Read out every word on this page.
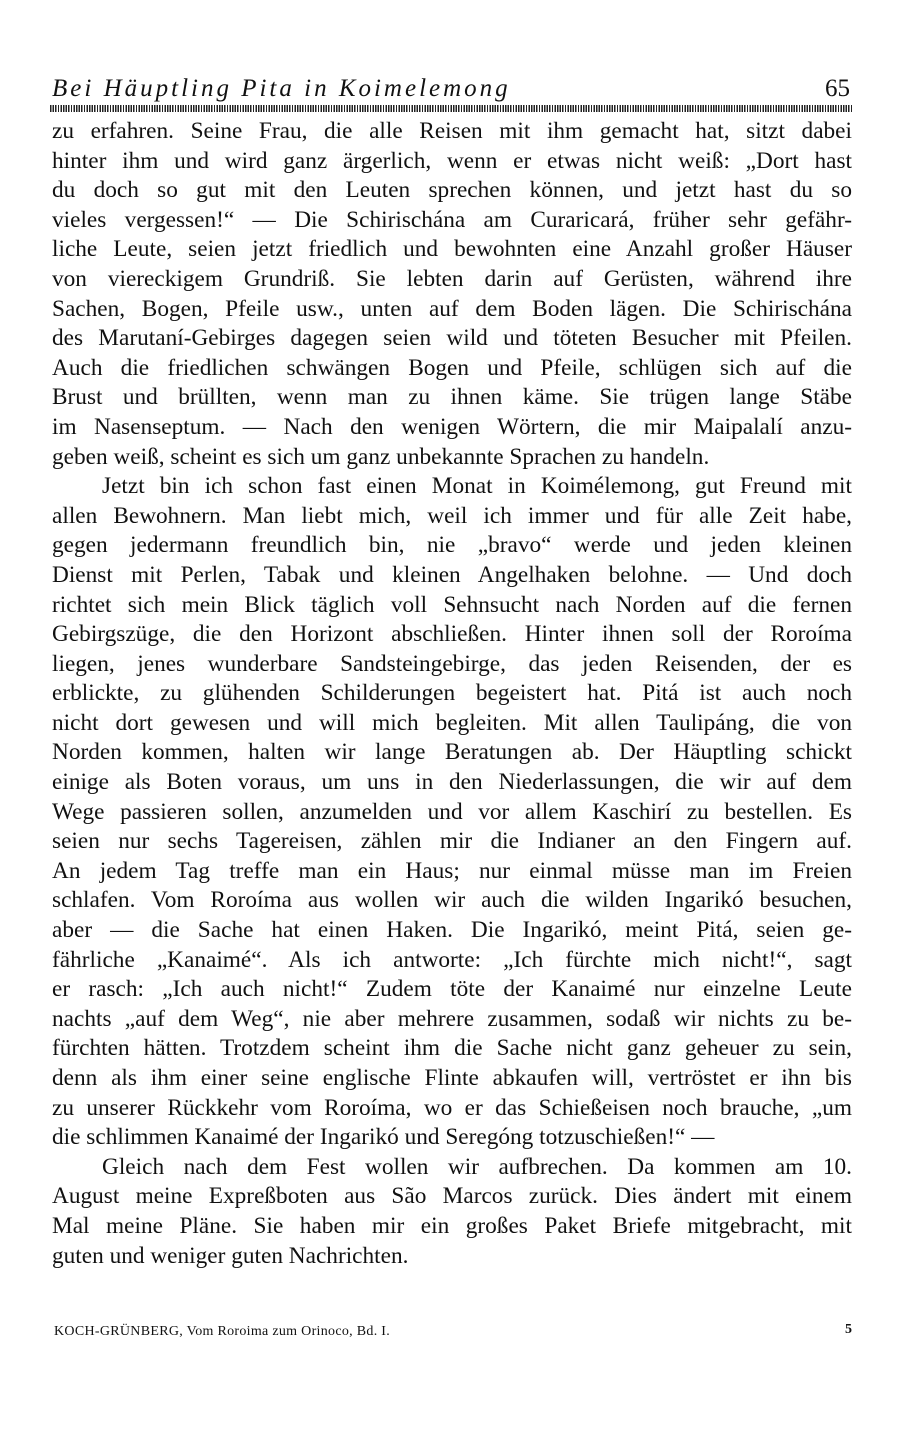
Bei Häuptling Pita in Koimelemong	65
zu erfahren. Seine Frau, die alle Reisen mit ihm gemacht hat, sitzt dabei
hinter ihm und wird ganz ärgerlich, wenn er etwas nicht weiß: „Dort hast
du doch so gut mit den Leuten sprechen können, und jetzt hast du so
vieles vergessen!“ — Die Schirischána am Curaricará, früher sehr gefähr-
liche Leute, seien jetzt friedlich und bewohnten eine Anzahl großer Häuser
von viereckigem Grundriß. Sie lebten darin auf Gerüsten, während ihre
Sachen, Bogen, Pfeile usw., unten auf dem Boden lägen. Die Schirischána
des Marutaní-Gebirges dagegen seien wild und töteten Besucher mit Pfeilen.
Auch die friedlichen schwängen Bogen und Pfeile, schlügen sich auf die
Brust und brüllten, wenn man zu ihnen käme. Sie trügen lange Stäbe
im Nasenseptum. — Nach den wenigen Wörtern, die mir Maipalalí anzu-
geben weiß, scheint es sich um ganz unbekannte Sprachen zu handeln.
Jetzt bin ich schon fast einen Monat in Koimélemong, gut Freund mit
allen Bewohnern. Man liebt mich, weil ich immer und für alle Zeit habe,
gegen jedermann freundlich bin, nie „bravo“ werde und jeden kleinen
Dienst mit Perlen, Tabak und kleinen Angelhaken belohne. — Und doch
richtet sich mein Blick täglich voll Sehnsucht nach Norden auf die fernen
Gebirgszüge, die den Horizont abschließen. Hinter ihnen soll der Roroíma
liegen, jenes wunderbare Sandsteingebirge, das jeden Reisenden, der es
erblickte, zu glühenden Schilderungen begeistert hat. Pitá ist auch noch
nicht dort gewesen und will mich begleiten. Mit allen Taulipáng, die von
Norden kommen, halten wir lange Beratungen ab. Der Häuptling schickt
einige als Boten voraus, um uns in den Niederlassungen, die wir auf dem
Wege passieren sollen, anzumelden und vor allem Kaschirí zu bestellen. Es
seien nur sechs Tagereisen, zählen mir die Indianer an den Fingern auf.
An jedem Tag treffe man ein Haus; nur einmal müsse man im Freien
schlafen. Vom Roroíma aus wollen wir auch die wilden Ingarikó besuchen,
aber — die Sache hat einen Haken. Die Ingarikó, meint Pitá, seien ge-
fährliche „Kanaimé“. Als ich antworte: „Ich fürchte mich nicht!“, sagt
er rasch: „Ich auch nicht!“ Zudem töte der Kanaimé nur einzelne Leute
nachts „auf dem Weg“, nie aber mehrere zusammen, sodaß wir nichts zu be-
fürchten hätten. Trotzdem scheint ihm die Sache nicht ganz geheuer zu sein,
denn als ihm einer seine englische Flinte abkaufen will, vertröstet er ihn bis
zu unserer Rückkehr vom Roroíma, wo er das Schießeisen noch brauche, „um
die schlimmen Kanaimé der Ingarikó und Seregóng totzuschießen!“ —
Gleich nach dem Fest wollen wir aufbrechen. Da kommen am 10.
August meine Expreßboten aus São Marcos zurück. Dies ändert mit einem
Mal meine Pläne. Sie haben mir ein großes Paket Briefe mitgebracht, mit
guten und weniger guten Nachrichten.
KOCH-GRÜNBERG, Vom Roroima zum Orinoco, Bd. I.	5
